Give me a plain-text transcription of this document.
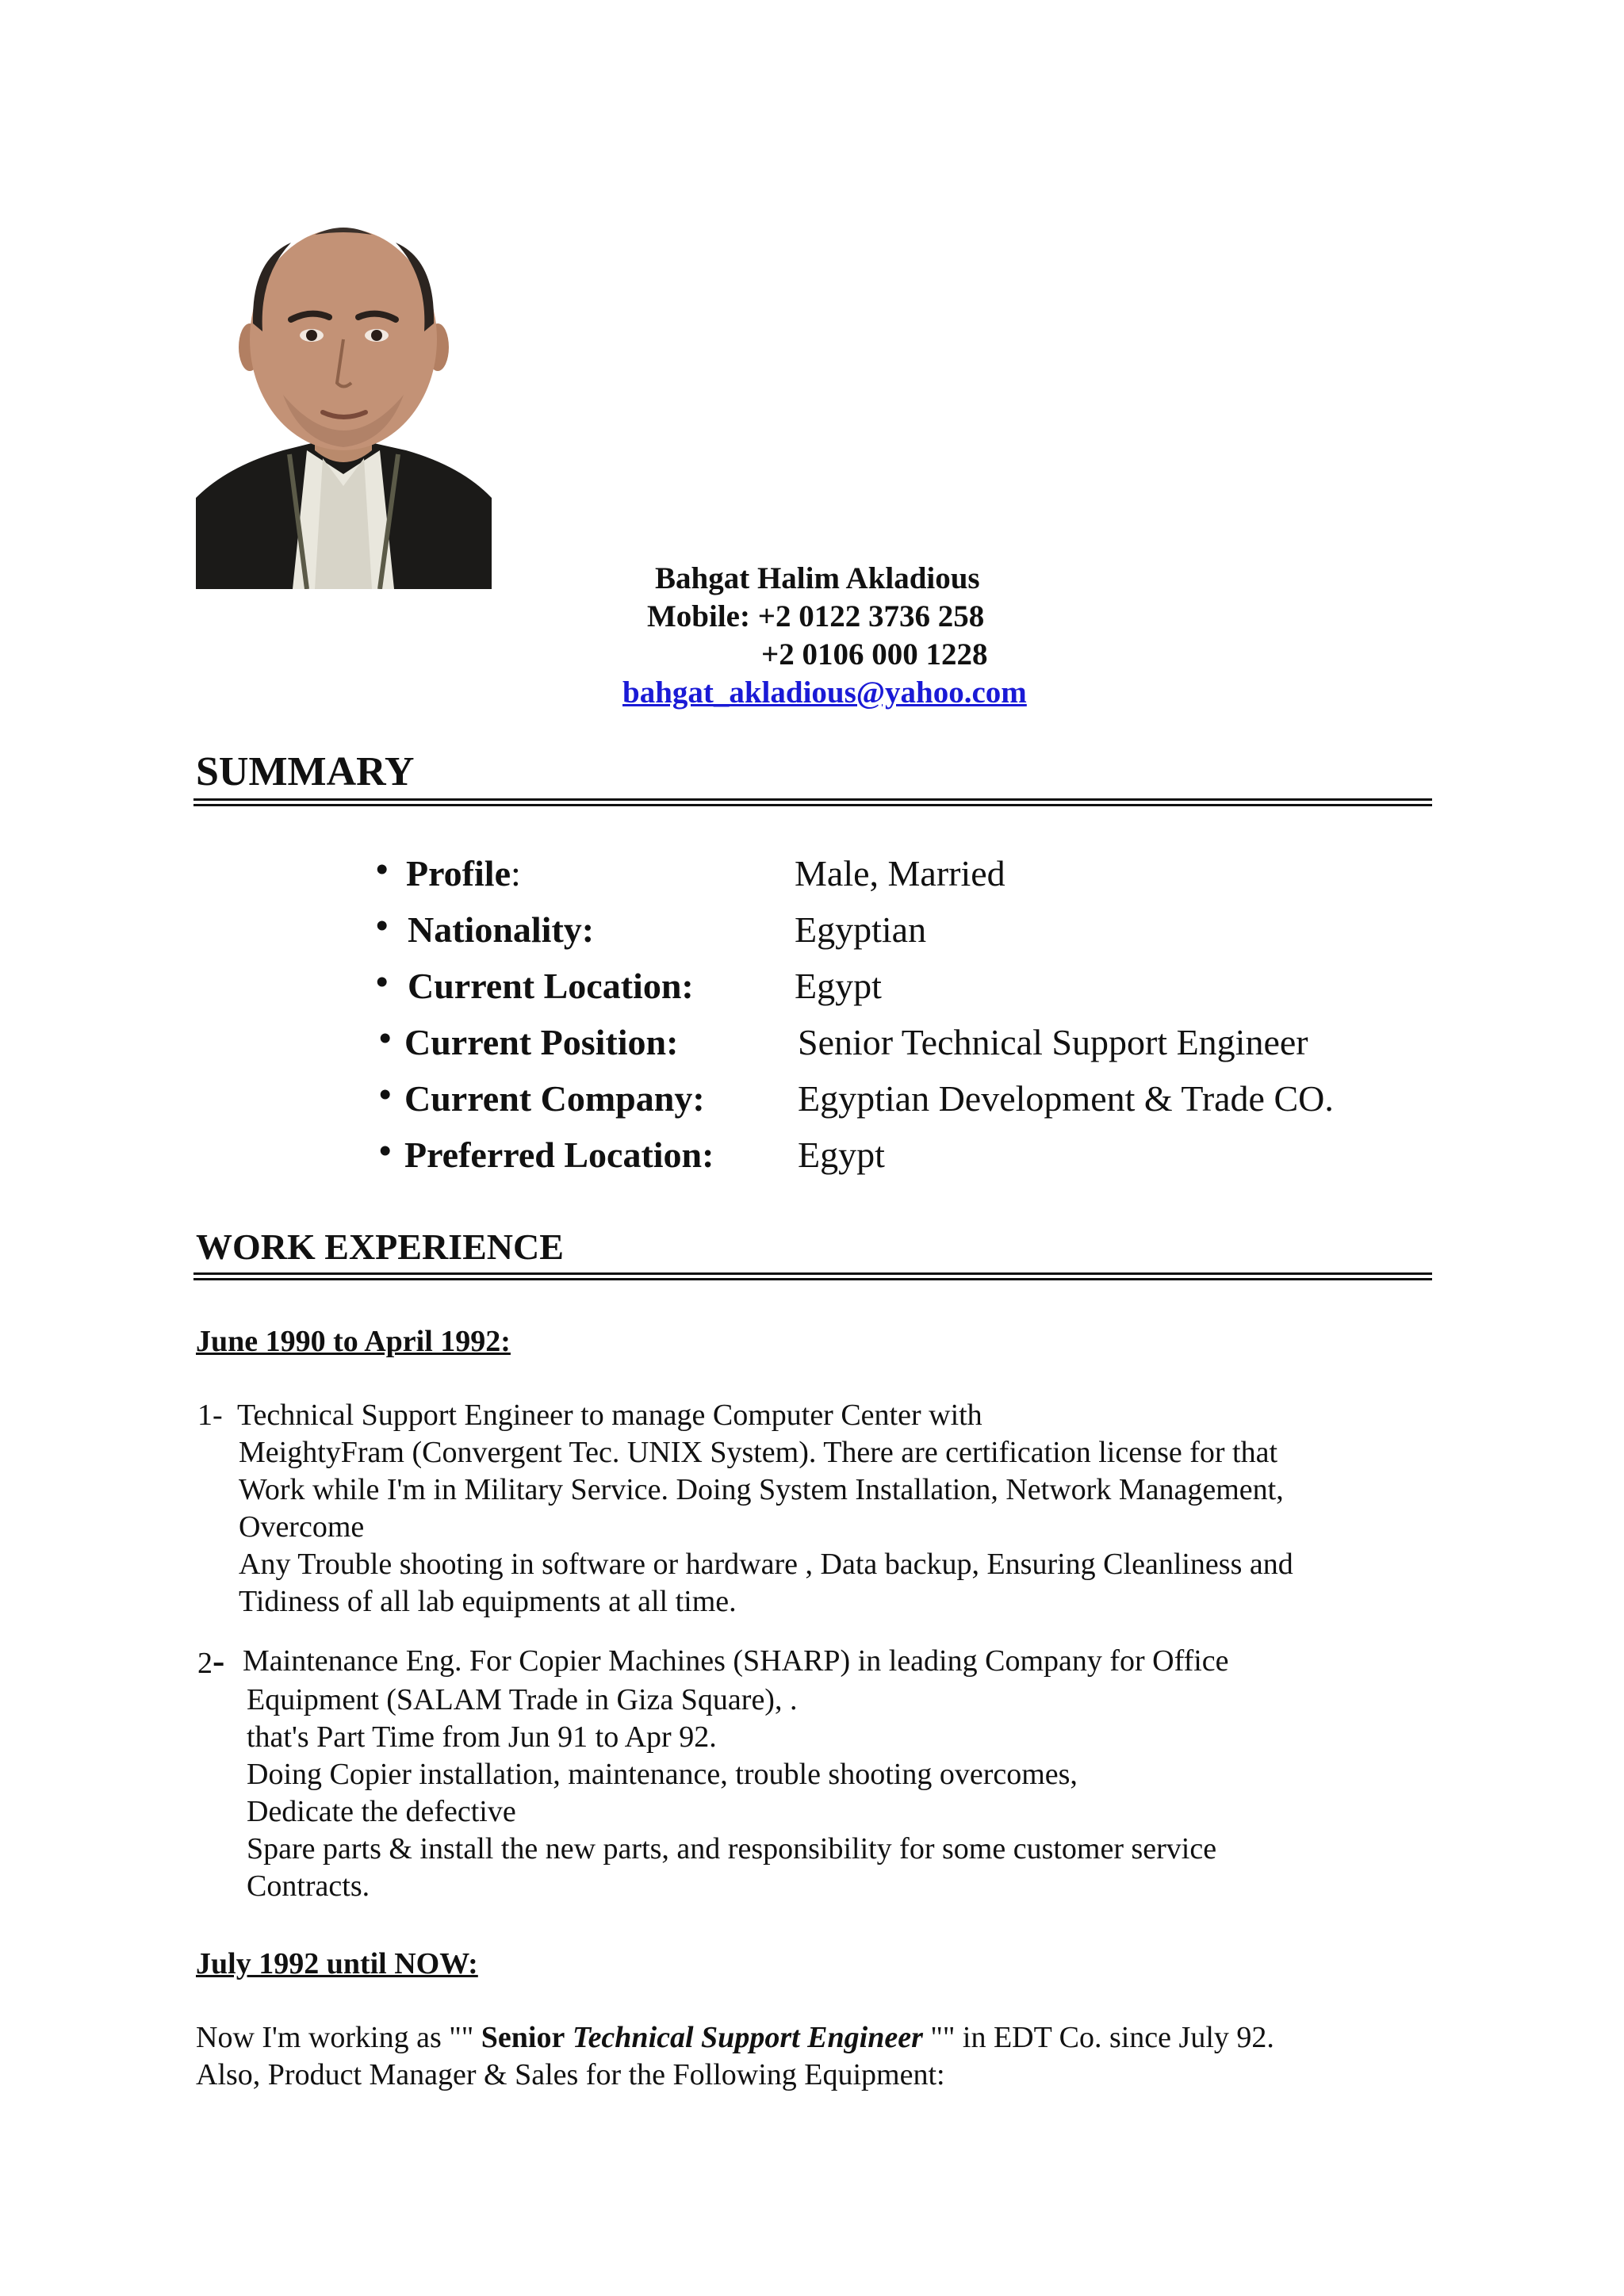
Bahgat Halim Akladious
Mobile: +2 0122 3736 258
+2 0106 000 1228
bahgat_akladious@yahoo.com
SUMMARY
• Profile:	Male, Married
• Nationality:	Egyptian
• Current Location:	Egypt
• Current Position:	Senior Technical Support Engineer
• Current Company:	Egyptian Development & Trade CO.
• Preferred Location: Egypt
WORK EXPERIENCE
June 1990 to April 1992:
1- Technical Support Engineer to manage Computer Center with
MeightyFram (Convergent Tec. UNIX System). There are certification license for that
Work while I'm in Military Service. Doing System Installation, Network Management,
Overcome
Any Trouble shooting in software or hardware , Data backup, Ensuring Cleanliness and
Tidiness of all lab equipments at all time.
2- Maintenance Eng. For Copier Machines (SHARP) in leading Company for Office
Equipment (SALAM Trade in Giza Square), .
that's Part Time from Jun 91 to Apr 92.
Doing Copier installation, maintenance, trouble shooting overcomes,
Dedicate the defective
Spare parts & install the new parts, and responsibility for some customer service
Contracts.
July 1992 until NOW:
Now I'm working as "" Senior Technical Support Engineer "" in EDT Co. since July 92.
Also, Product Manager & Sales for the Following Equipment:
